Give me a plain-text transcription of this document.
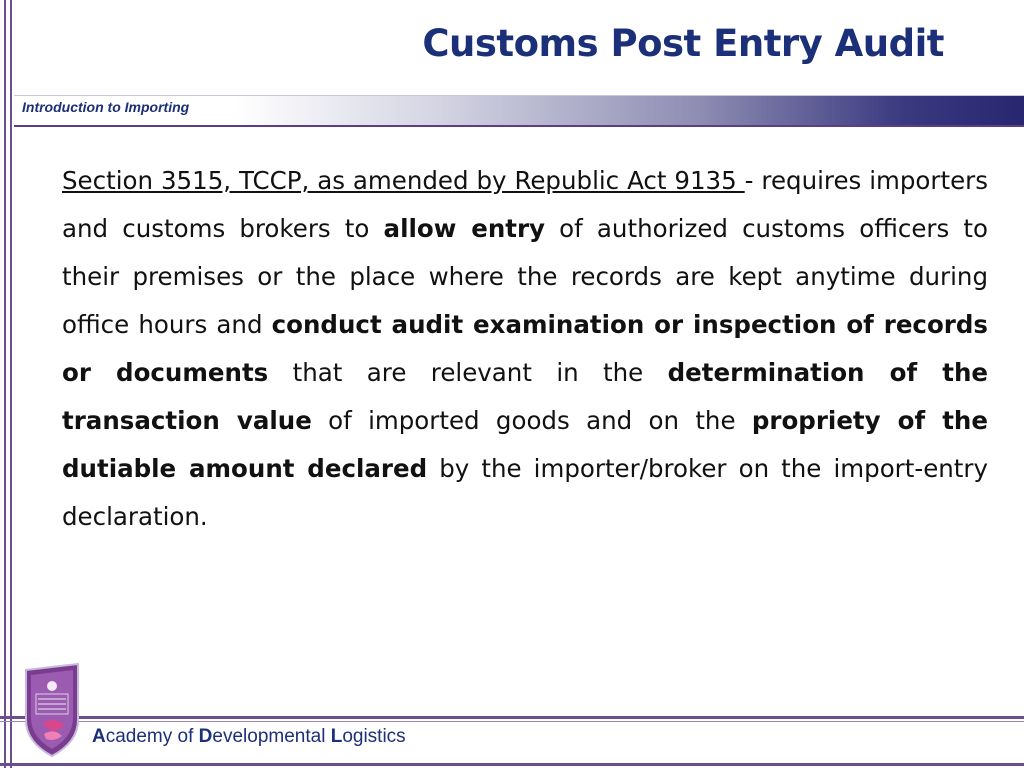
Customs Post Entry Audit
Introduction to Importing

Section 3515, TCCP, as amended by Republic Act 9135 - requires importers and customs brokers to allow entry of authorized customs officers to their premises or the place where the records are kept anytime during office hours and conduct audit examination or inspection of records or documents that are relevant in the determination of the transaction value of imported goods and on the propriety of the dutiable amount declared by the importer/broker on the import-entry declaration.

Academy of Developmental Logistics
